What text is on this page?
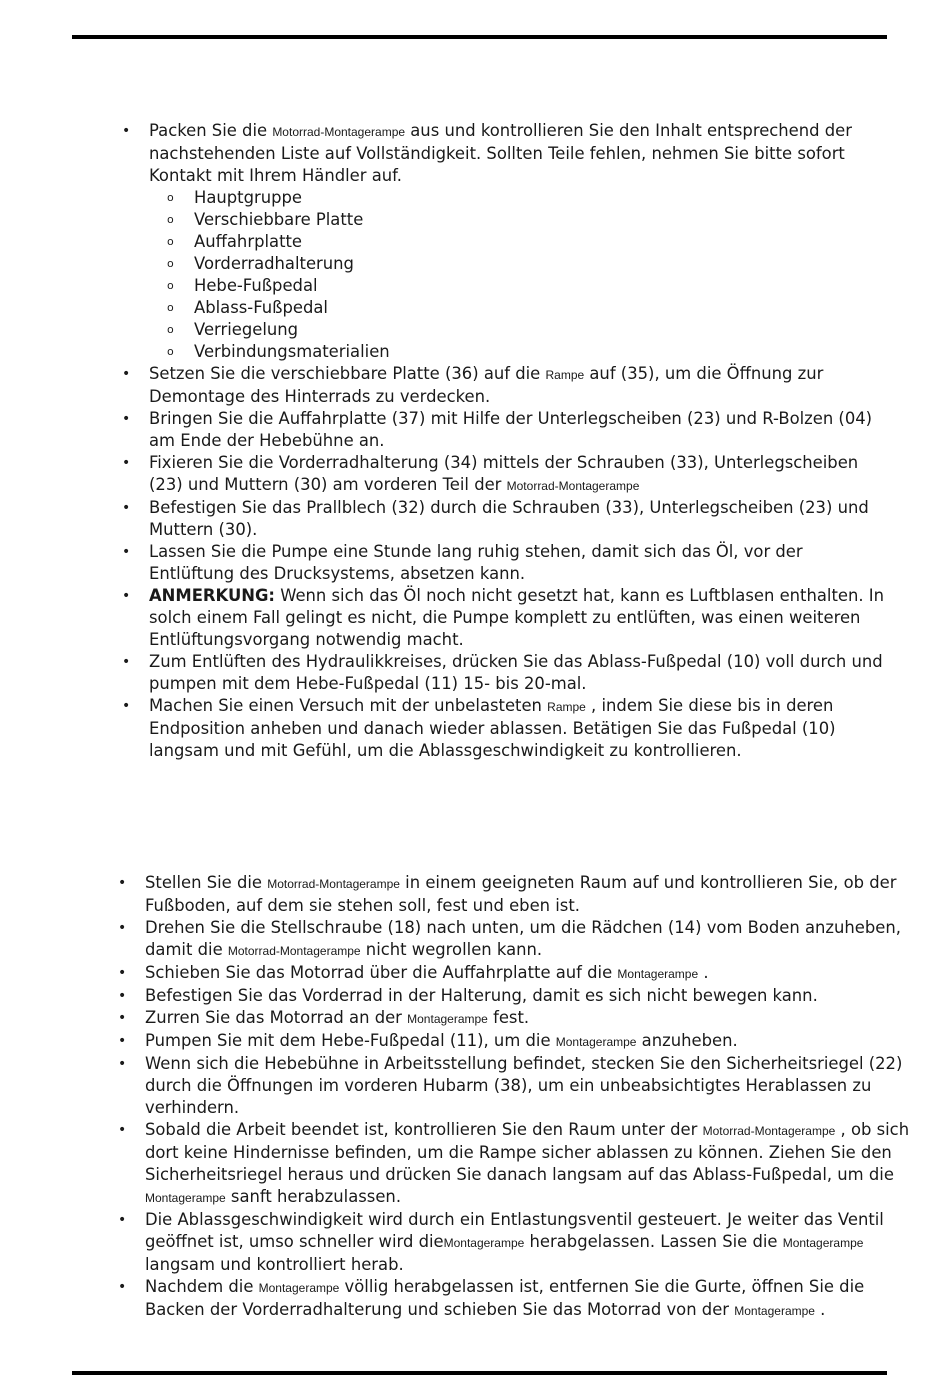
• Packen Sie die Motorrad-Montagerampe aus und kontrollieren Sie den Inhalt entsprechend der nachstehenden Liste auf Vollständigkeit. Sollten Teile fehlen, nehmen Sie bitte sofort Kontakt mit Ihrem Händler auf.
o Hauptgruppe
o Verschiebbare Platte
o Auffahrplatte
o Vorderradhalterung
o Hebe-Fußpedal
o Ablass-Fußpedal
o Verriegelung
o Verbindungsmaterialien
• Setzen Sie die verschiebbare Platte (36) auf die Rampe auf (35), um die Öffnung zur Demontage des Hinterrads zu verdecken.
• Bringen Sie die Auffahrplatte (37) mit Hilfe der Unterlegscheiben (23) und R-Bolzen (04) am Ende der Hebebühne an.
• Fixieren Sie die Vorderradhalterung (34) mittels der Schrauben (33), Unterlegscheiben (23) und Muttern (30) am vorderen Teil der Motorrad-Montagerampe
• Befestigen Sie das Prallblech (32) durch die Schrauben (33), Unterlegscheiben (23) und Muttern (30).
• Lassen Sie die Pumpe eine Stunde lang ruhig stehen, damit sich das Öl, vor der Entlüftung des Drucksystems, absetzen kann.
• ANMERKUNG: Wenn sich das Öl noch nicht gesetzt hat, kann es Luftblasen enthalten. In solch einem Fall gelingt es nicht, die Pumpe komplett zu entlüften, was einen weiteren Entlüftungsvorgang notwendig macht.
• Zum Entlüften des Hydraulikkreises, drücken Sie das Ablass-Fußpedal (10) voll durch und pumpen mit dem Hebe-Fußpedal (11) 15- bis 20-mal.
• Machen Sie einen Versuch mit der unbelasteten Rampe , indem Sie diese bis in deren Endposition anheben und danach wieder ablassen. Betätigen Sie das Fußpedal (10) langsam und mit Gefühl, um die Ablassgeschwindigkeit zu kontrollieren.
• Stellen Sie die Motorrad-Montagerampe in einem geeigneten Raum auf und kontrollieren Sie, ob der Fußboden, auf dem sie stehen soll, fest und eben ist.
• Drehen Sie die Stellschraube (18) nach unten, um die Rädchen (14) vom Boden anzuheben, damit die Motorrad-Montagerampe nicht wegrollen kann.
• Schieben Sie das Motorrad über die Auffahrplatte auf die Montagerampe .
• Befestigen Sie das Vorderrad in der Halterung, damit es sich nicht bewegen kann.
• Zurren Sie das Motorrad an der Montagerampe fest.
• Pumpen Sie mit dem Hebe-Fußpedal (11), um die Montagerampe anzuheben.
• Wenn sich die Hebebühne in Arbeitsstellung befindet, stecken Sie den Sicherheitsriegel (22) durch die Öffnungen im vorderen Hubarm (38), um ein unbeabsichtigtes Herablassen zu verhindern.
• Sobald die Arbeit beendet ist, kontrollieren Sie den Raum unter der Motorrad-Montagerampe , ob sich dort keine Hindernisse befinden, um die Rampe sicher ablassen zu können. Ziehen Sie den Sicherheitsriegel heraus und drücken Sie danach langsam auf das Ablass-Fußpedal, um die Montagerampe sanft herabzulassen.
• Die Ablassgeschwindigkeit wird durch ein Entlastungsventil gesteuert. Je weiter das Ventil geöffnet ist, umso schneller wird dieMontagerampe herabgelassen. Lassen Sie die Montagerampe langsam und kontrolliert herab.
• Nachdem die Montagerampe völlig herabgelassen ist, entfernen Sie die Gurte, öffnen Sie die Backen der Vorderradhalterung und schieben Sie das Motorrad von der Montagerampe .
